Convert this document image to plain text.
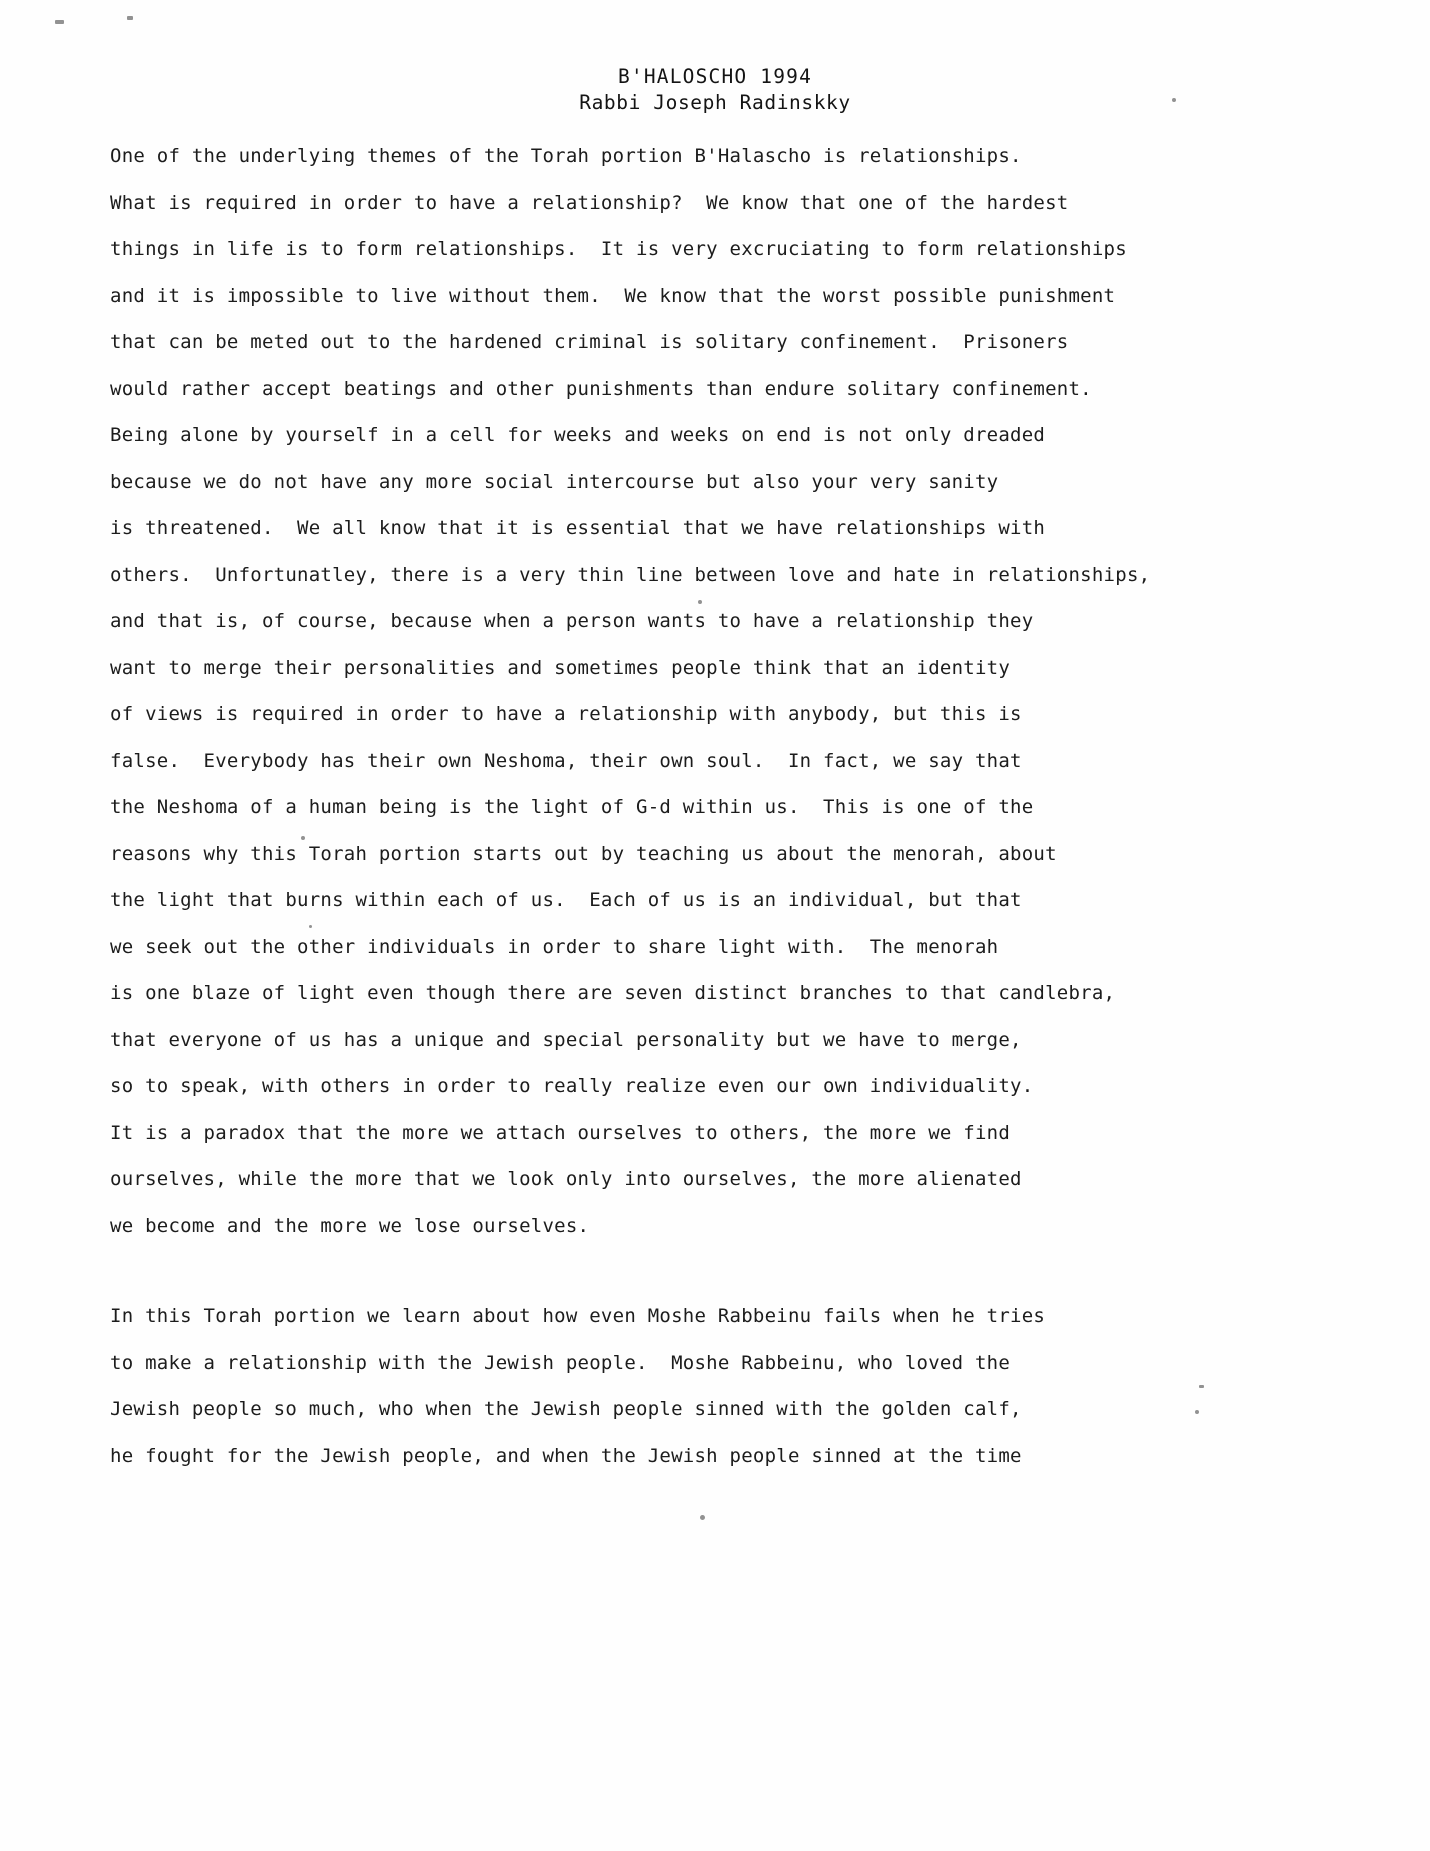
B'HALOSCHO 1994
Rabbi Joseph Radinskky
One of the underlying themes of the Torah portion B'Halascho is relationships.
What is required in order to have a relationship?  We know that one of the hardest
things in life is to form relationships.  It is very excruciating to form relationships
and it is impossible to live without them.  We know that the worst possible punishment
that can be meted out to the hardened criminal is solitary confinement.  Prisoners
would rather accept beatings and other punishments than endure solitary confinement.
Being alone by yourself in a cell for weeks and weeks on end is not only dreaded
because we do not have any more social intercourse but also your very sanity
is threatened.  We all know that it is essential that we have relationships with
others.  Unfortunatley, there is a very thin line between love and hate in relationships,
and that is, of course, because when a person wants to have a relationship they
want to merge their personalities and sometimes people think that an identity
of views is required in order to have a relationship with anybody, but this is
false.  Everybody has their own Neshoma, their own soul.  In fact, we say that
the Neshoma of a human being is the light of G-d within us.  This is one of the
reasons why this Torah portion starts out by teaching us about the menorah, about
the light that burns within each of us.  Each of us is an individual, but that
we seek out the other individuals in order to share light with.  The menorah
is one blaze of light even though there are seven distinct branches to that candlebra,
that everyone of us has a unique and special personality but we have to merge,
so to speak, with others in order to really realize even our own individuality.
It is a paradox that the more we attach ourselves to others, the more we find
ourselves, while the more that we look only into ourselves, the more alienated
we become and the more we lose ourselves.
In this Torah portion we learn about how even Moshe Rabbeinu fails when he tries
to make a relationship with the Jewish people.  Moshe Rabbeinu, who loved the
Jewish people so much, who when the Jewish people sinned with the golden calf,
he fought for the Jewish people, and when the Jewish people sinned at the time
